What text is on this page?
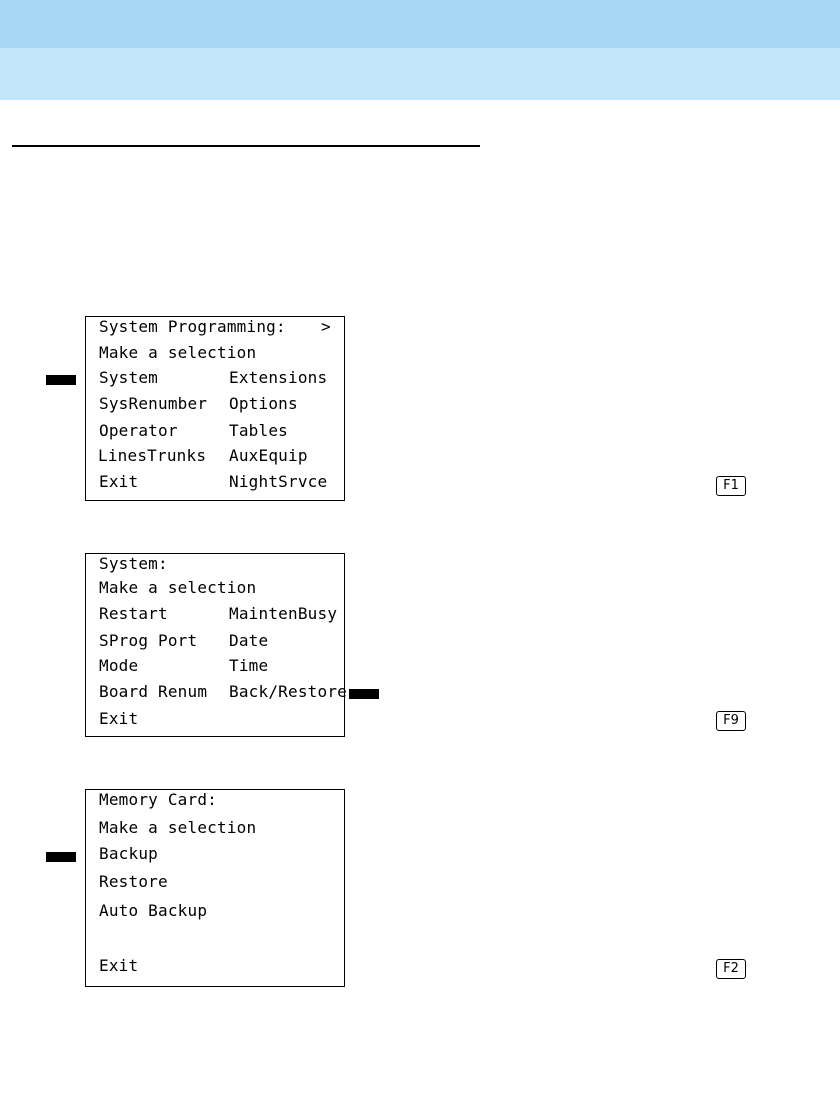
System Programming: >
Make a selection
System	Extensions
SysRenumber Options
Operator	Tables
LinesTrunks AuxEquip
Exit	NightSrvce	F1
System:
Make a selection
Restart	MaintenBusy
SProg Port Date
Mode	Time
Board Renum Back/Restore
Exit	F9
Memory Card:
Make a selection
Backup
Restore
Auto Backup
Exit	F2
